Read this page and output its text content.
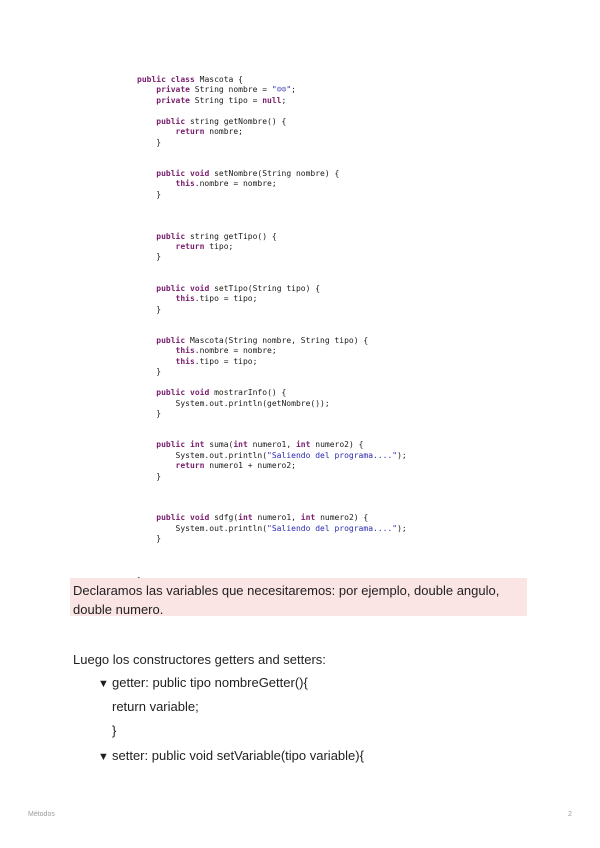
public class Mascota {
private String nombre = "☺☺";
private String tipo = null;

public string getNombre() {
return nombre;
}

public void setNombre(String nombre) {
this.nombre = nombre;
}

public string getTipo() {
return tipo;
}

public void setTipo(String tipo) {
this.tipo = tipo;
}

public Mascota(String nombre, String tipo) {
this.nombre = nombre;
this.tipo = tipo;
}

public void mostrarInfo() {
System.out.println(getNombre());
}

public int suma(int numero1, int numero2) {
System.out.println("Saliendo del programa....");
return numero1 + numero2;
}

public void sdfg(int numero1, int numero2) {
System.out.println("Saliendo del programa....");
}

Declaramos las variables que necesitaremos: por ejemplo, double angulo, double numero.
Luego los constructores getters and setters:
▼ getter: public tipo nombreGetter(){
return variable;
}
▼ setter: public void setVariable(tipo variable){
Métodos	2
